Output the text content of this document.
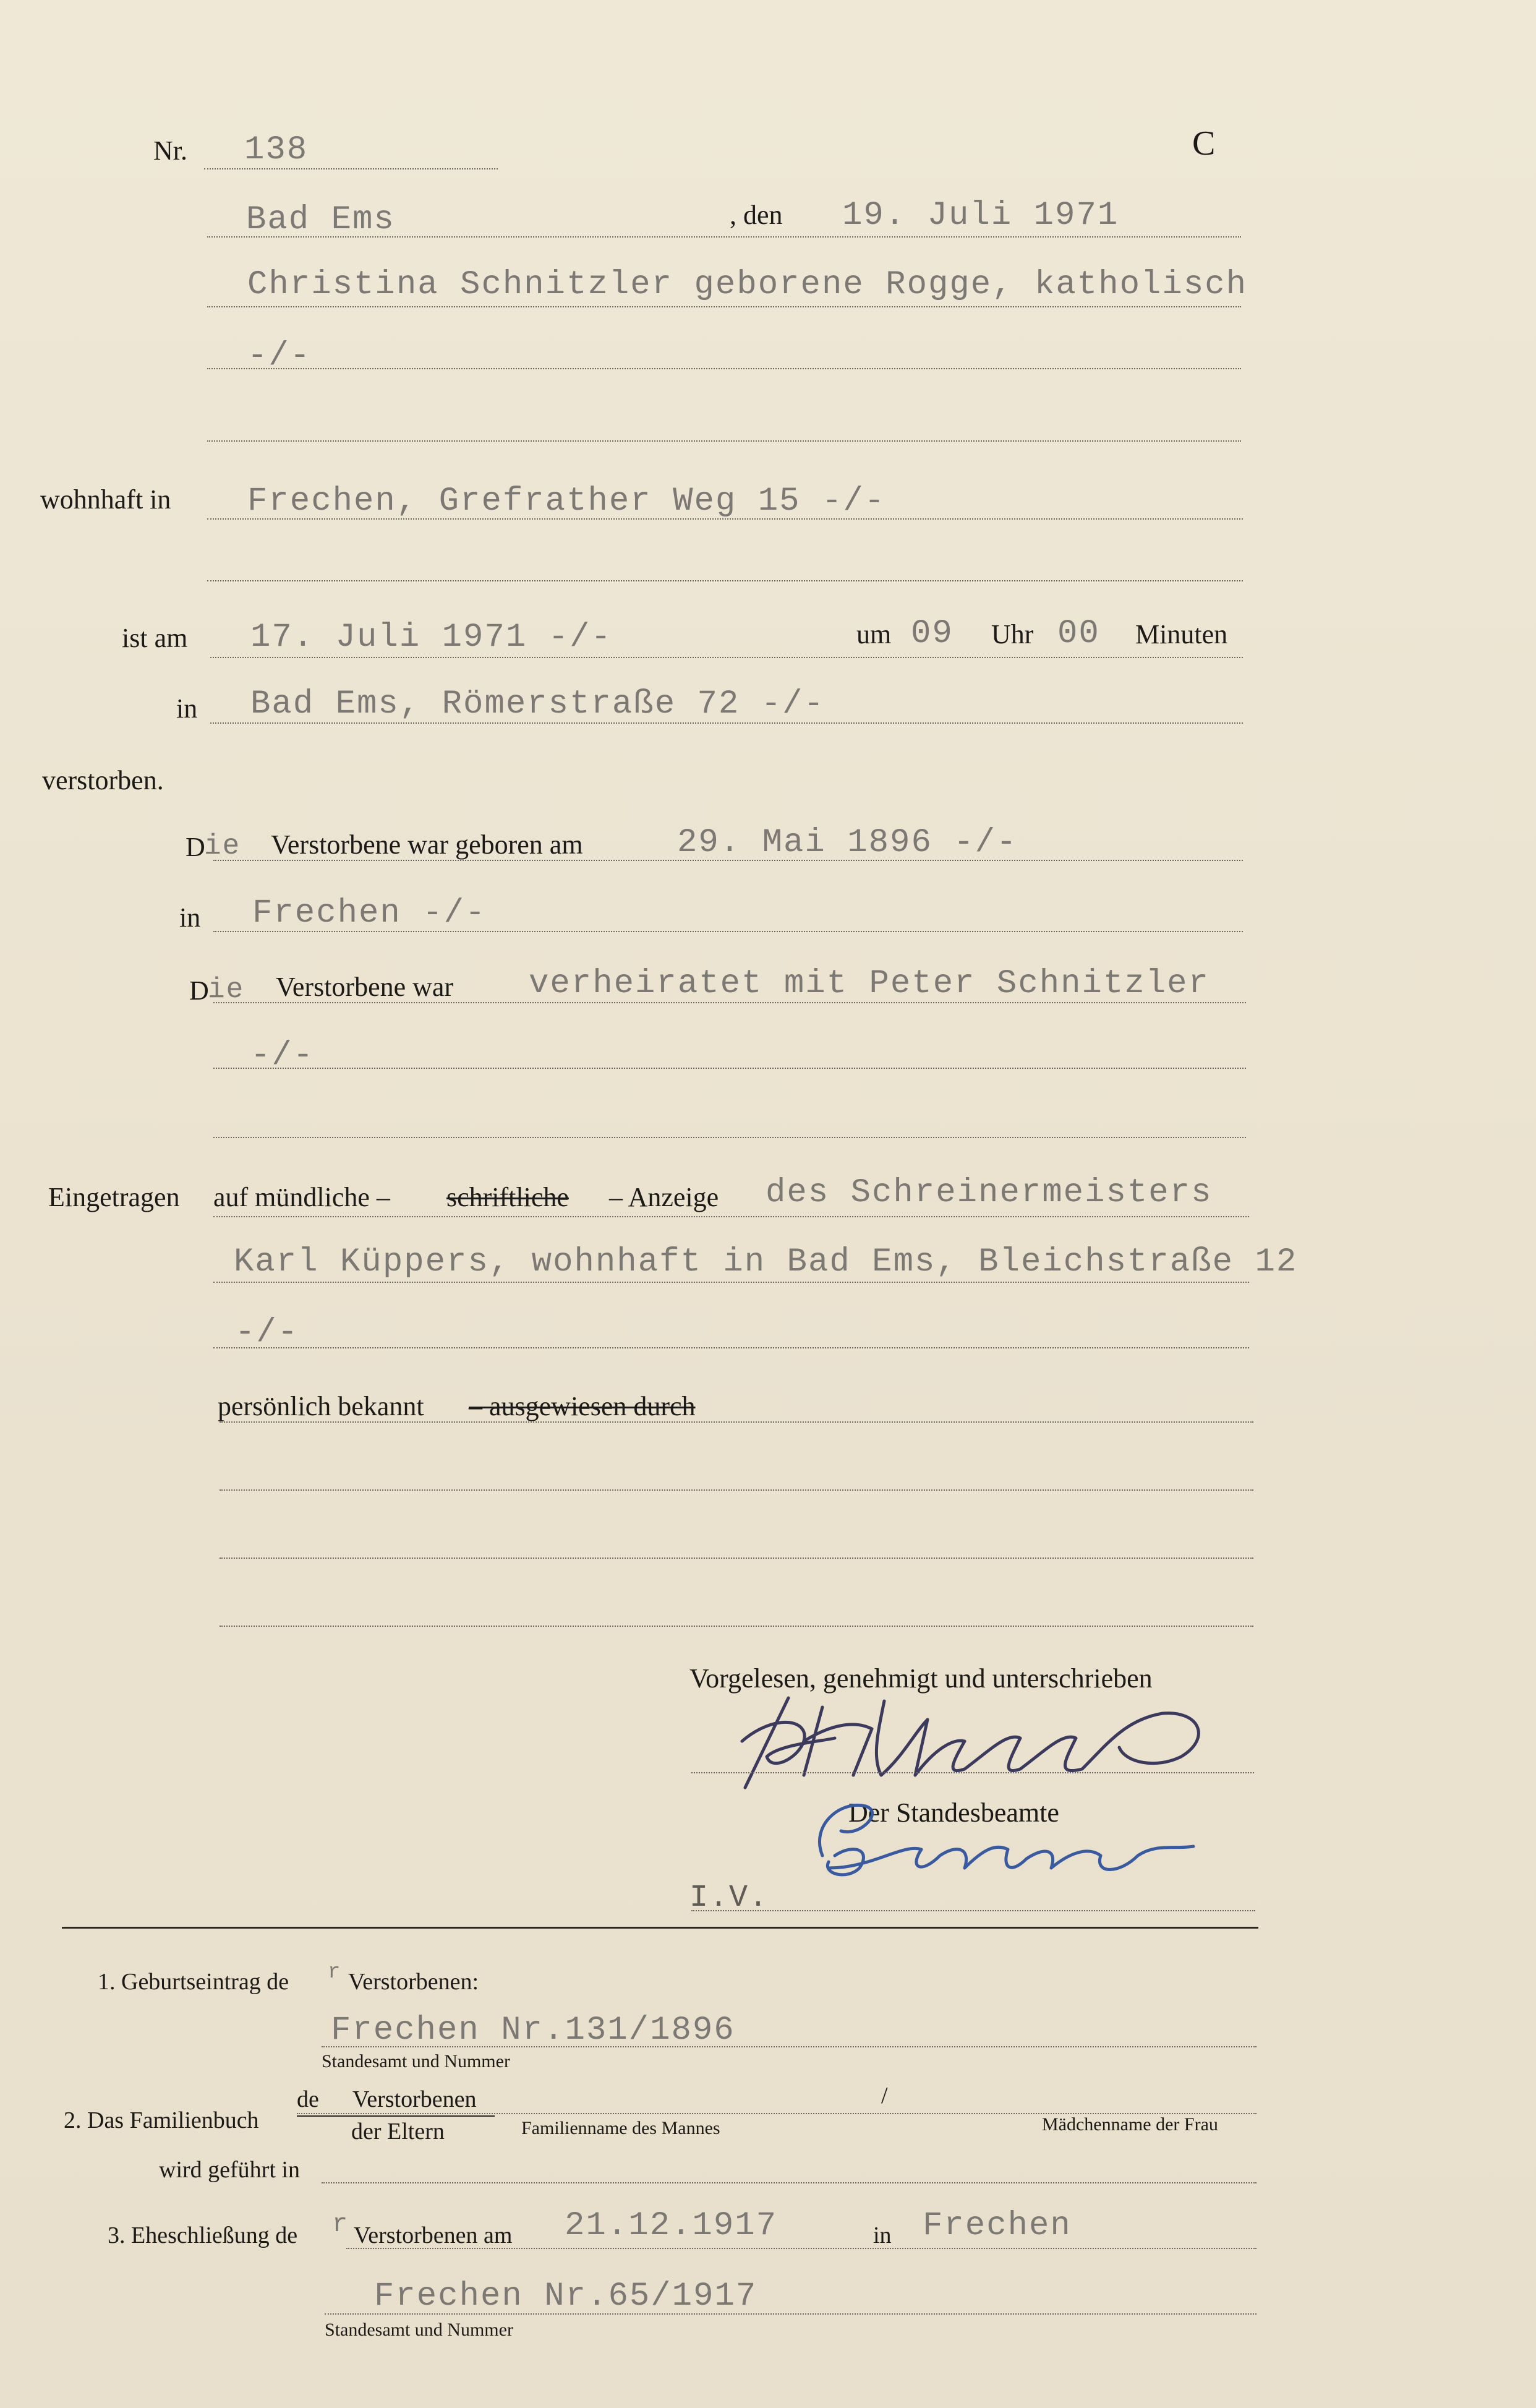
Nr. 138	C
Bad Ems	, den 19. Juli 1971
Christina Schnitzler geborene Rogge, katholisch
-/-
wohnhaft in Frechen, Grefrather Weg 15 -/-
ist am 17. Juli 1971 -/-	um 09 Uhr 00 Minuten
in Bad Ems, Römerstraße 72 -/-
verstorben.
D
ie Verstorbene war geboren am	29. Mai 1896 -/-
in Frechen -/-
D
ie Verstorbene war verheiratet mit Peter Schnitzler
-/-
Eingetragen auf mündliche – schriftliche – Anzeige des Schreinermeisters
Karl Küppers, wohnhaft in Bad Ems, Bleichstraße 12
-/-
persönlich bekannt – ausgewiesen durch
Vorgelesen, genehmigt und unterschrieben
Der Standesbeamte
I.V.
1. Geburtseintrag de r Verstorbenen:
Frechen Nr.131/1896
Standesamt und Nummer
de Verstorbenen	/
2. Das Familienbuch	der Eltern	Familienname des Mannes	Mädchenname der Frau
wird geführt in
3. Eheschließung de r Verstorbenen am 21.12.1917	in Frechen
Frechen Nr.65/1917
Standesamt und Nummer
